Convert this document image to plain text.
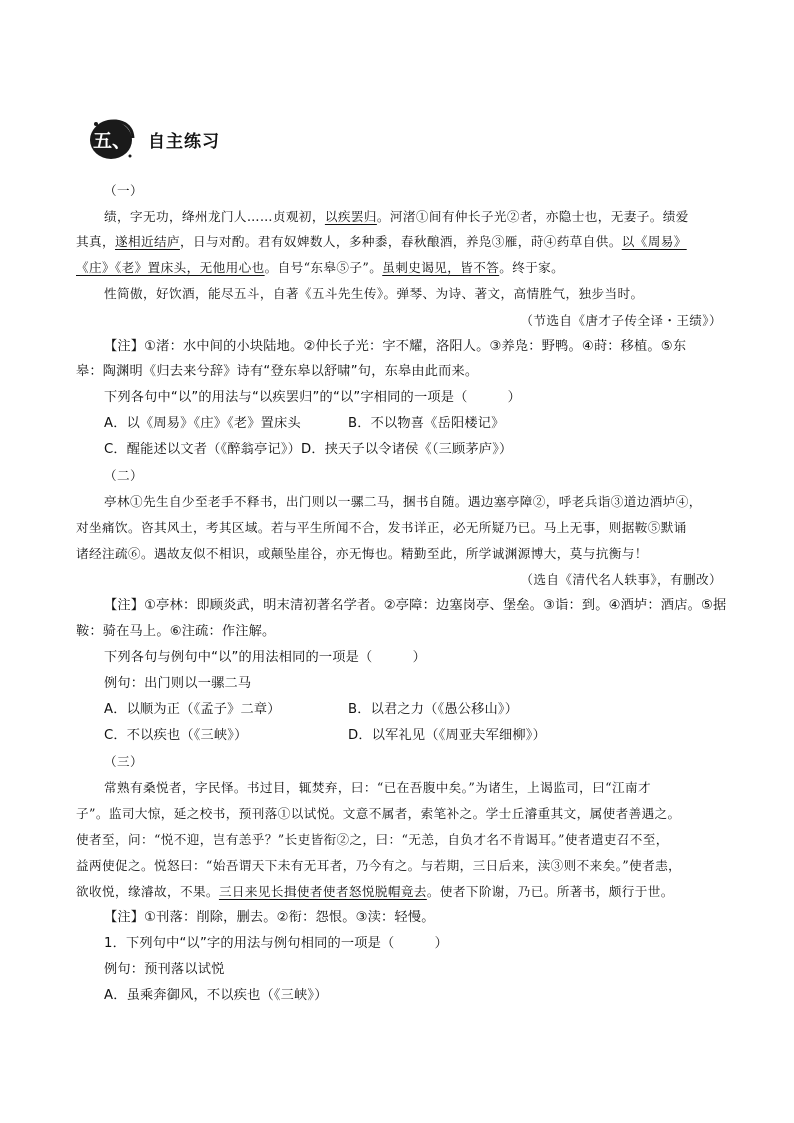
五、 自主练习
（一）
绩，字无功，绛州龙门人……贞观初，以疾罢归。河渚①间有仲长子光②者，亦隐士也，无妻子。绩爱
其真，遂相近结庐，日与对酌。君有奴婢数人，多种黍，春秋酿酒，养凫③雁，莳④药草自供。以《周易》
《庄》《老》置床头，无他用心也。自号“东皋⑤子”。虽刺史谒见，皆不答。终于家。
性简傲，好饮酒，能尽五斗，自著《五斗先生传》。弹琴、为诗、著文，高情胜气，独步当时。
（节选自《唐才子传全译・王绩》）
【注】①渚：水中间的小块陆地。②仲长子光：字不耀，洛阳人。③养凫：野鸭。④莳：移植。⑤东
皋：陶渊明《归去来兮辞》诗有“登东皋以舒啸”句，东皋由此而来。
下列各句中“以”的用法与“以疾罢归”的“以”字相同的一项是（　　　）
A．以《周易》《庄》《老》置床头	B．不以物喜《岳阳楼记》
C．醒能述以文者（《醉翁亭记》）D．挟天子以令诸侯《（三顾茅庐》）
（二）
亭林①先生自少至老手不释书，出门则以一骡二马，捆书自随。遇边塞亭障②，呼老兵诣③道边酒垆④，
对坐痛饮。咨其风土，考其区域。若与平生所闻不合，发书详正，必无所疑乃已。马上无事，则据鞍⑤默诵
诸经注疏⑥。遇故友似不相识，或颠坠崖谷，亦无悔也。精勤至此，所学诚渊源博大，莫与抗衡与！
（选自《清代名人轶事》，有删改）
【注】①亭林：即顾炎武，明末清初著名学者。②亭障：边塞岗亭、堡垒。③诣：到。④酒垆：酒店。⑤据
鞍：骑在马上。⑥注疏：作注解。
下列各句与例句中“以”的用法相同的一项是（　　　）
例句：出门则以一骡二马
A．以顺为正（《孟子》二章）	B．以君之力（《愚公移山》）
C．不以疾也（《三峡》）	D．以军礼见（《周亚夫军细柳》）
（三）
常熟有桑悦者，字民怿。书过目，辄焚弃，曰：“已在吾腹中矣。”为诸生，上谒监司，曰“江南才
子”。监司大惊，延之校书，预刊落①以试悦。文意不属者，索笔补之。学士丘濬重其文，属使者善遇之。
使者至，问：“悦不迎，岂有恙乎？”长吏皆衔②之，曰：“无恙，自负才名不肯谒耳。”使者遣吏召不至，
益两使促之。悦怒曰：“始吾谓天下未有无耳者，乃今有之。与若期，三日后来，渎③则不来矣。”使者恚，
欲收悦，缘濬故，不果。三日来见长揖使者使者怒悦脱帽竟去。使者下阶谢，乃已。所著书，颇行于世。
【注】①刊落：削除，删去。②衔：怨恨。③渎：轻慢。
1．下列句中“以”字的用法与例句相同的一项是（　　　）
例句：预刊落以试悦
A．虽乘奔御风，不以疾也（《三峡》）
